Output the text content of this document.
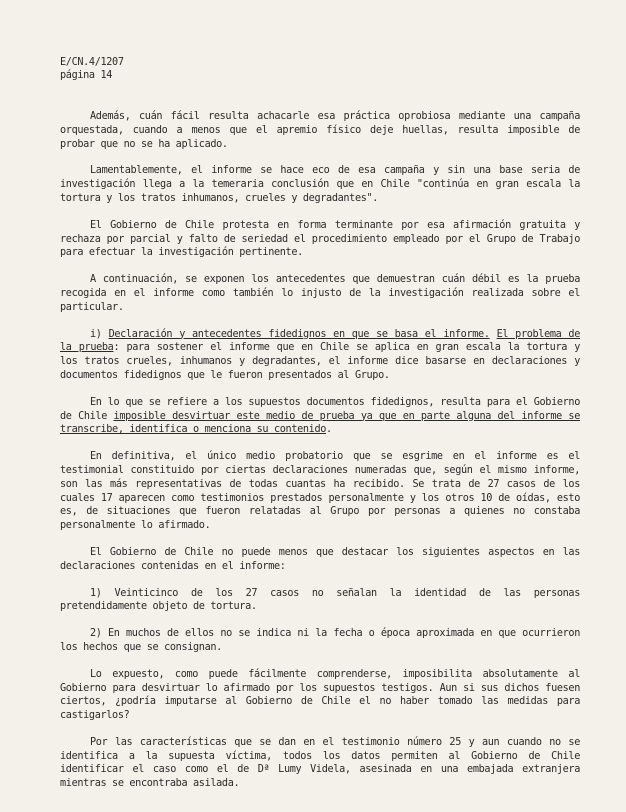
E/CN.4/1207
página 14

Además, cuán fácil resulta achacarle esa práctica oprobiosa mediante una campaña orquestada, cuando a menos que el apremio físico deje huellas, resulta imposible de probar que no se ha aplicado.

Lamentablemente, el informe se hace eco de esa campaña y sin una base seria de investigación llega a la temeraria conclusión que en Chile "continúa en gran escala la tortura y los tratos inhumanos, crueles y degradantes".

El Gobierno de Chile protesta en forma terminante por esa afirmación gratuita y rechaza por parcial y falto de seriedad el procedimiento empleado por el Grupo de Trabajo para efectuar la investigación pertinente.

A continuación, se exponen los antecedentes que demuestran cuán débil es la prueba recogida en el informe como también lo injusto de la investigación realizada sobre el particular.

i) Declaración y antecedentes fidedignos en que se basa el informe. El problema de la prueba: para sostener el informe que en Chile se aplica en gran escala la tortura y los tratos crueles, inhumanos y degradantes, el informe dice basarse en declaraciones y documentos fidedignos que le fueron presentados al Grupo.

En lo que se refiere a los supuestos documentos fidedignos, resulta para el Gobierno de Chile imposible desvirtuar este medio de prueba ya que en parte alguna del informe se transcribe, identifica o menciona su contenido.

En definitiva, el único medio probatorio que se esgrime en el informe es el testimonial constituido por ciertas declaraciones numeradas que, según el mismo informe, son las más representativas de todas cuantas ha recibido. Se trata de 27 casos de los cuales 17 aparecen como testimonios prestados personalmente y los otros 10 de oídas, esto es, de situaciones que fueron relatadas al Grupo por personas a quienes no constaba personalmente lo afirmado.

El Gobierno de Chile no puede menos que destacar los siguientes aspectos en las declaraciones contenidas en el informe:

1) Veinticinco de los 27 casos no señalan la identidad de las personas pretendidamente objeto de tortura.

2) En muchos de ellos no se indica ni la fecha o época aproximada en que ocurrieron los hechos que se consignan.

Lo expuesto, como puede fácilmente comprenderse, imposibilita absolutamente al Gobierno para desvirtuar lo afirmado por los supuestos testigos. Aun si sus dichos fuesen ciertos, ¿podría imputarse al Gobierno de Chile el no haber tomado las medidas para castigarlos?

Por las características que se dan en el testimonio número 25 y aun cuando no se identifica a la supuesta víctima, todos los datos permiten al Gobierno de Chile identificar el caso como el de Dª Lumy Videla, asesinada en una embajada extranjera mientras se encontraba asilada.
